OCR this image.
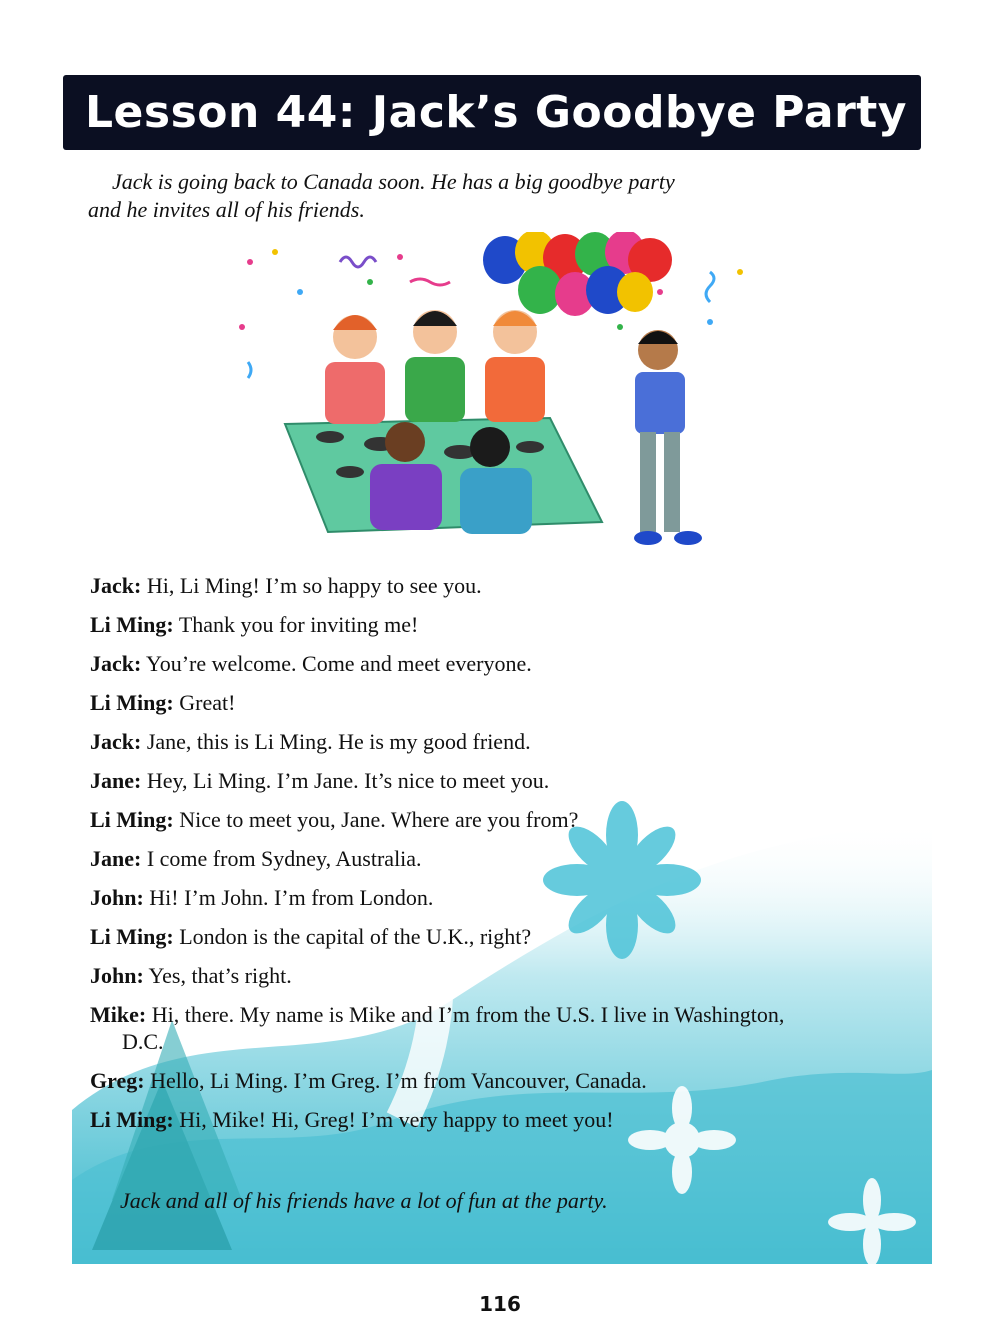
Lesson 44: Jack’s Goodbye Party
Jack is going back to Canada soon. He has a big goodbye party
and he invites all of his friends.
Jack: Hi, Li Ming! I’m so happy to see you.
Li Ming: Thank you for inviting me!
Jack: You’re welcome. Come and meet everyone.
Li Ming: Great!
Jack: Jane, this is Li Ming. He is my good friend.
Jane: Hey, Li Ming. I’m Jane. It’s nice to meet you.
Li Ming: Nice to meet you, Jane. Where are you from?
Jane: I come from Sydney, Australia.
John: Hi! I’m John. I’m from London.
Li Ming: London is the capital of the U.K., right?
John: Yes, that’s right.
Mike: Hi, there. My name is Mike and I’m from the U.S. I live in Washington, D.C.
Greg: Hello, Li Ming. I’m Greg. I’m from Vancouver, Canada.
Li Ming: Hi, Mike! Hi, Greg! I’m very happy to meet you!
Jack and all of his friends have a lot of fun at the party.
116
